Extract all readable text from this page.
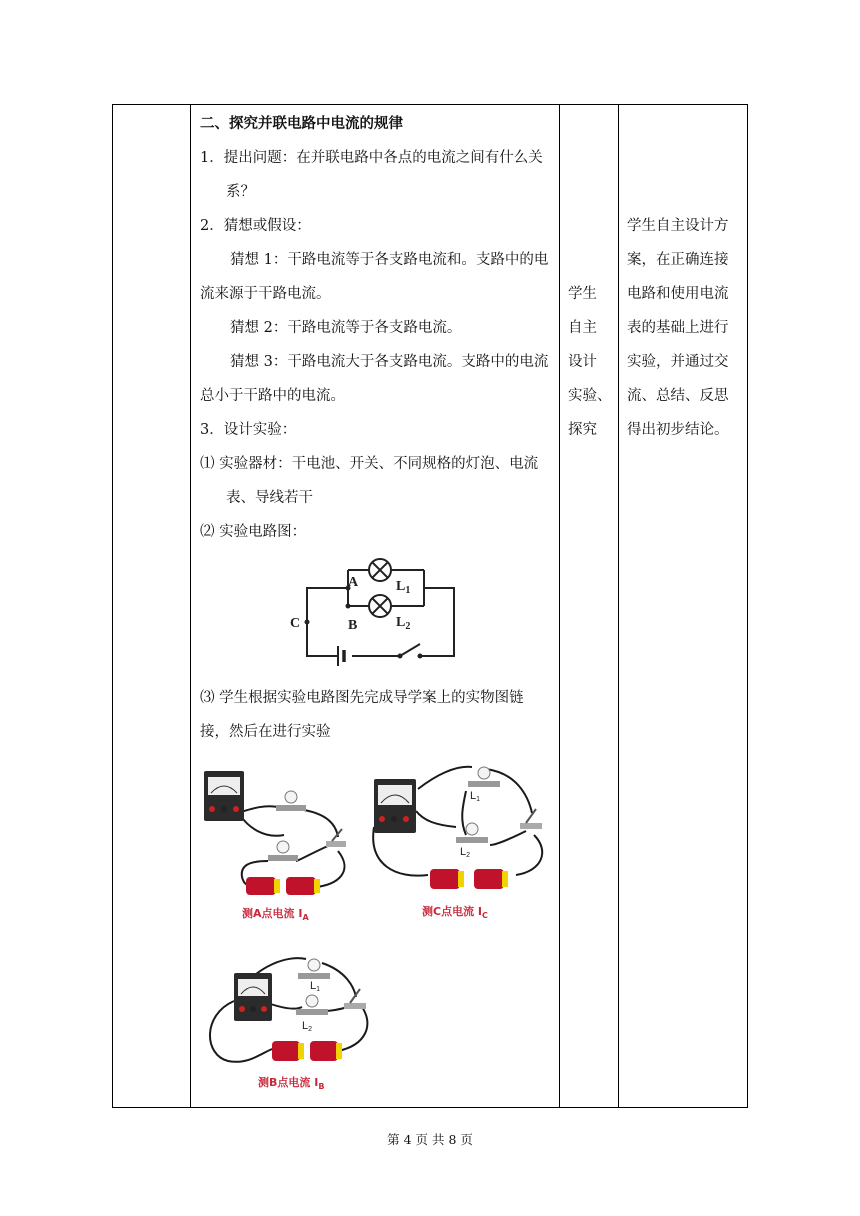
二、探究并联电路中电流的规律
1．提出问题：在并联电路中各点的电流之间有什么关
系？
2．猜想或假设：
猜想 1：干路电流等于各支路电流和。支路中的电
流来源于干路电流。
猜想 2：干路电流等于各支路电流。
猜想 3：干路电流大于各支路电流。支路中的电流
总小于干路中的电流。
3．设计实验：
⑴ 实验器材：干电池、开关、不同规格的灯泡、电流
表、导线若干
⑵ 实验电路图：
⑶ 学生根据实验电路图先完成导学案上的实物图链
接，然后在进行实验
A
B
C
$L_1$
$L_2$
测A点电流 $I_A$
L1
L2
测C点电流 $I_C$
L1
L2
测B点电流 $I_B$
学生
自主
设计
实验、
探究
学生自主设计方
案，在正确连接
电路和使用电流
表的基础上进行
实验，并通过交
流、总结、反思
得出初步结论。
第 4 页 共 8 页
